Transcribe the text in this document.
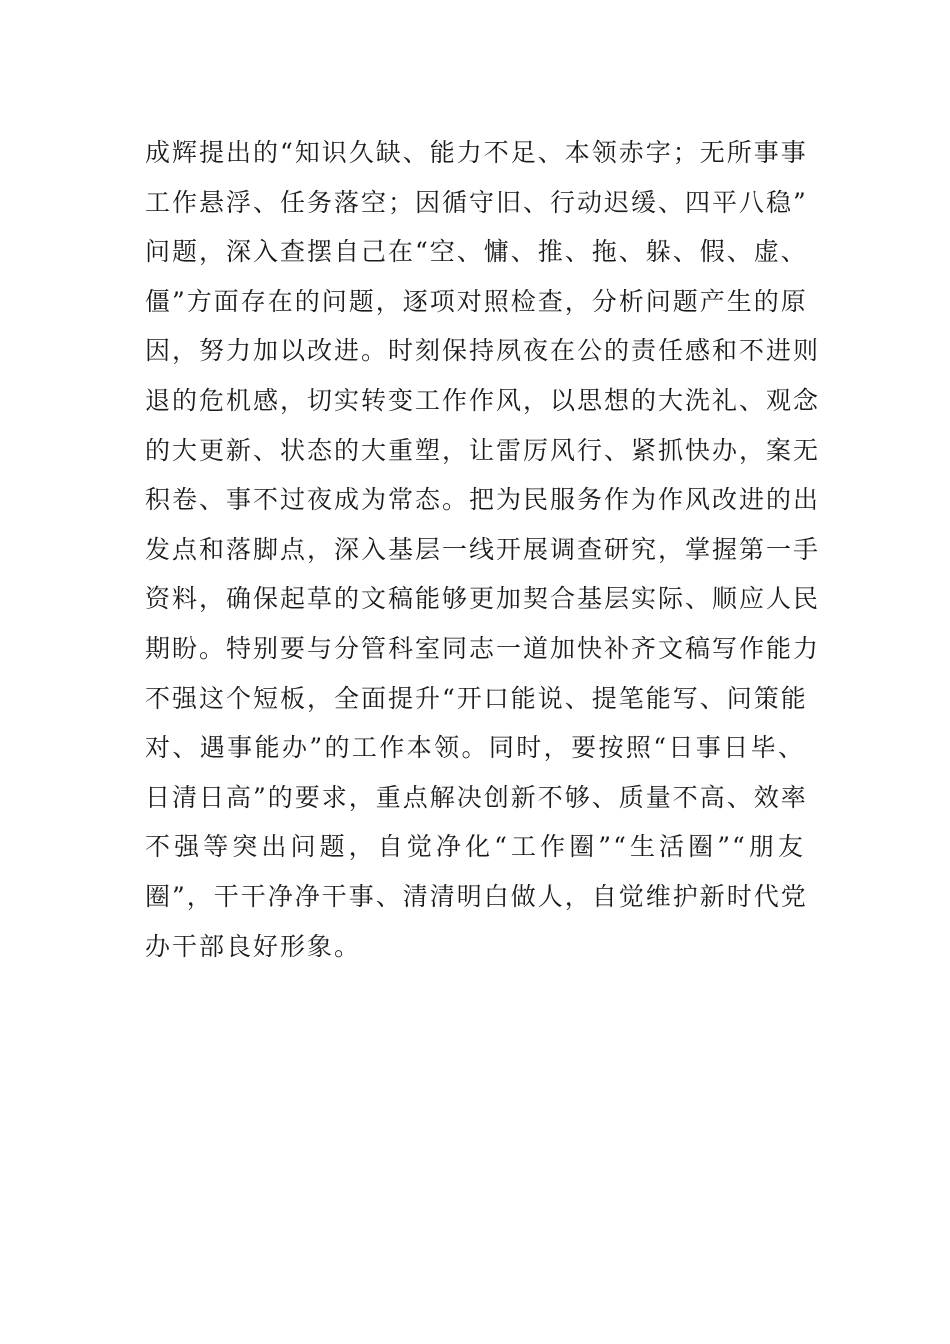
成辉提出的“知识久缺、能力不足、本领赤字；无所事事
工作悬浮、任务落空；因循守旧、行动迟缓、四平八稳”
问题，深入查摆自己在“空、慵、推、拖、躲、假、虚、
僵”方面存在的问题，逐项对照检查，分析问题产生的原
因，努力加以改进。时刻保持夙夜在公的责任感和不进则
退的危机感，切实转变工作作风，以思想的大洗礼、观念
的大更新、状态的大重塑，让雷厉风行、紧抓快办，案无
积卷、事不过夜成为常态。把为民服务作为作风改进的出
发点和落脚点，深入基层一线开展调查研究，掌握第一手
资料，确保起草的文稿能够更加契合基层实际、顺应人民
期盼。特别要与分管科室同志一道加快补齐文稿写作能力
不强这个短板，全面提升“开口能说、提笔能写、问策能
对、遇事能办”的工作本领。同时，要按照“日事日毕、
日清日高”的要求，重点解决创新不够、质量不高、效率
不强等突出问题，自觉净化“工作圈”“生活圈”“朋友
圈”，干干净净干事、清清明白做人，自觉维护新时代党
办干部良好形象。
